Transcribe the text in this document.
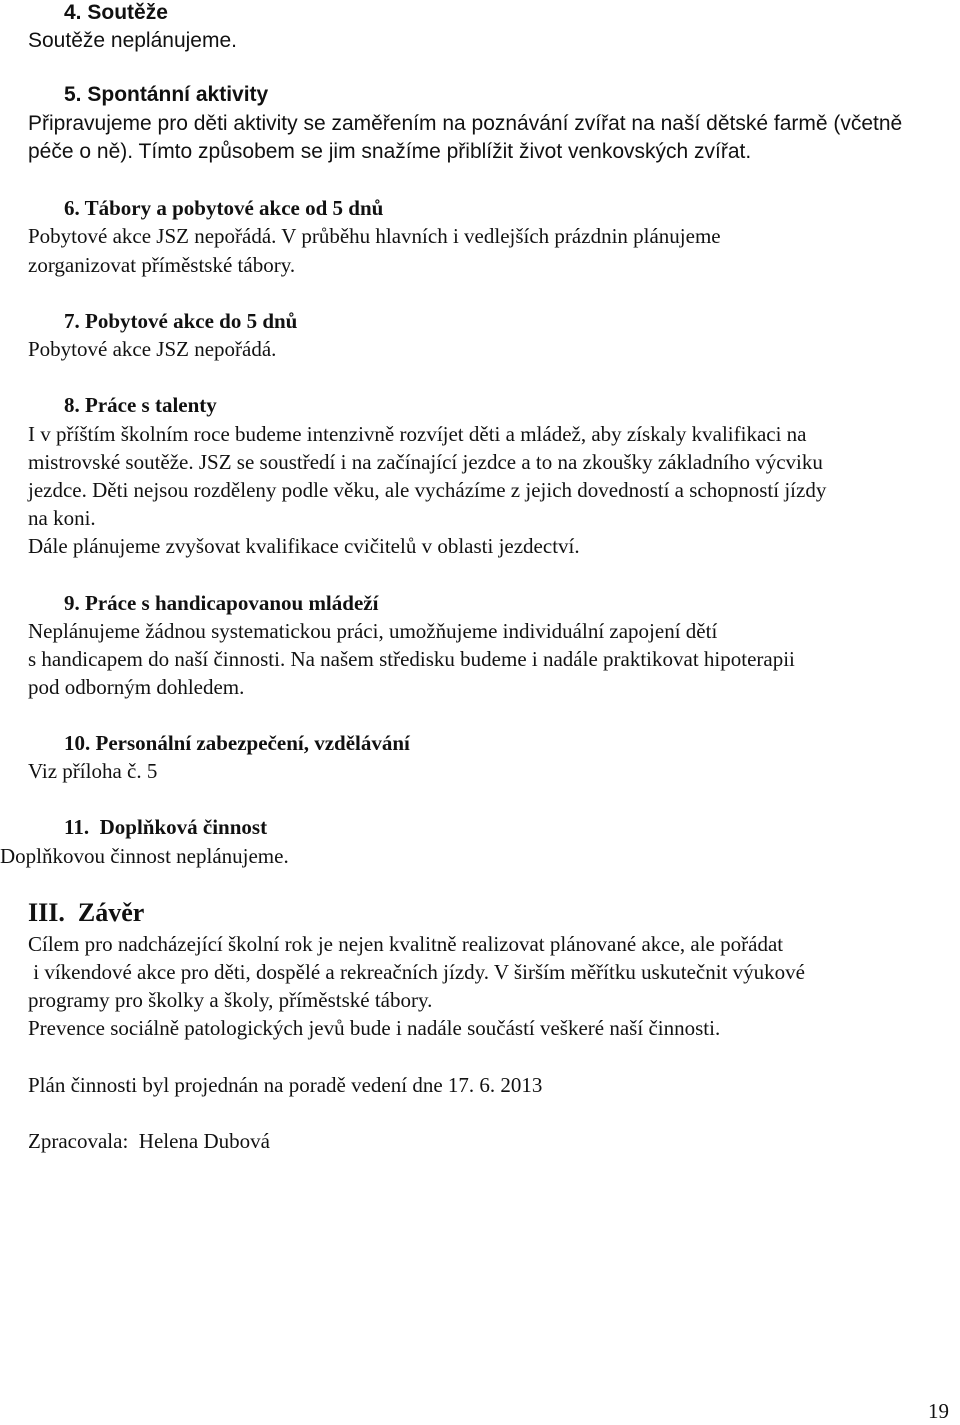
4. Soutěže
Soutěže neplánujeme.
5. Spontánní aktivity
Připravujeme pro děti aktivity se zaměřením na poznávání zvířat na naší dětské farmě (včetně
péče o ně). Tímto způsobem se jim snažíme přiblížit život venkovských zvířat.
6. Tábory a pobytové akce od 5 dnů
Pobytové akce JSZ nepořádá. V průběhu hlavních i vedlejších prázdnin plánujeme
zorganizovat příměstské tábory.
7. Pobytové akce do 5 dnů
Pobytové akce JSZ nepořádá.
8. Práce s talenty
I v příštím školním roce budeme intenzivně rozvíjet děti a mládež, aby získaly kvalifikaci na
mistrovské soutěže. JSZ se soustředí i na začínající jezdce a to na zkoušky základního výcviku
jezdce. Děti nejsou rozděleny podle věku, ale vycházíme z jejich dovedností a schopností jízdy
na koni.
Dále plánujeme zvyšovat kvalifikace cvičitelů v oblasti jezdectví.
9. Práce s handicapovanou mládeží
Neplánujeme žádnou systematickou práci, umožňujeme individuální zapojení dětí
s handicapem do naší činnosti. Na našem středisku budeme i nadále praktikovat hipoterapii
pod odborným dohledem.
10. Personální zabezpečení, vzdělávání
Viz příloha č. 5
11. Doplňková činnost
Doplňkovou činnost neplánujeme.
III. Závěr
Cílem pro nadcházející školní rok je nejen kvalitně realizovat plánované akce, ale pořádat
i víkendové akce pro děti, dospělé a rekreačních jízdy. V širším měřítku uskutečnit výukové
programy pro školky a školy, příměstské tábory.
Prevence sociálně patologických jevů bude i nadále součástí veškeré naší činnosti.
Plán činnosti byl projednán na poradě vedení dne 17. 6. 2013
Zpracovala: Helena Dubová
19
